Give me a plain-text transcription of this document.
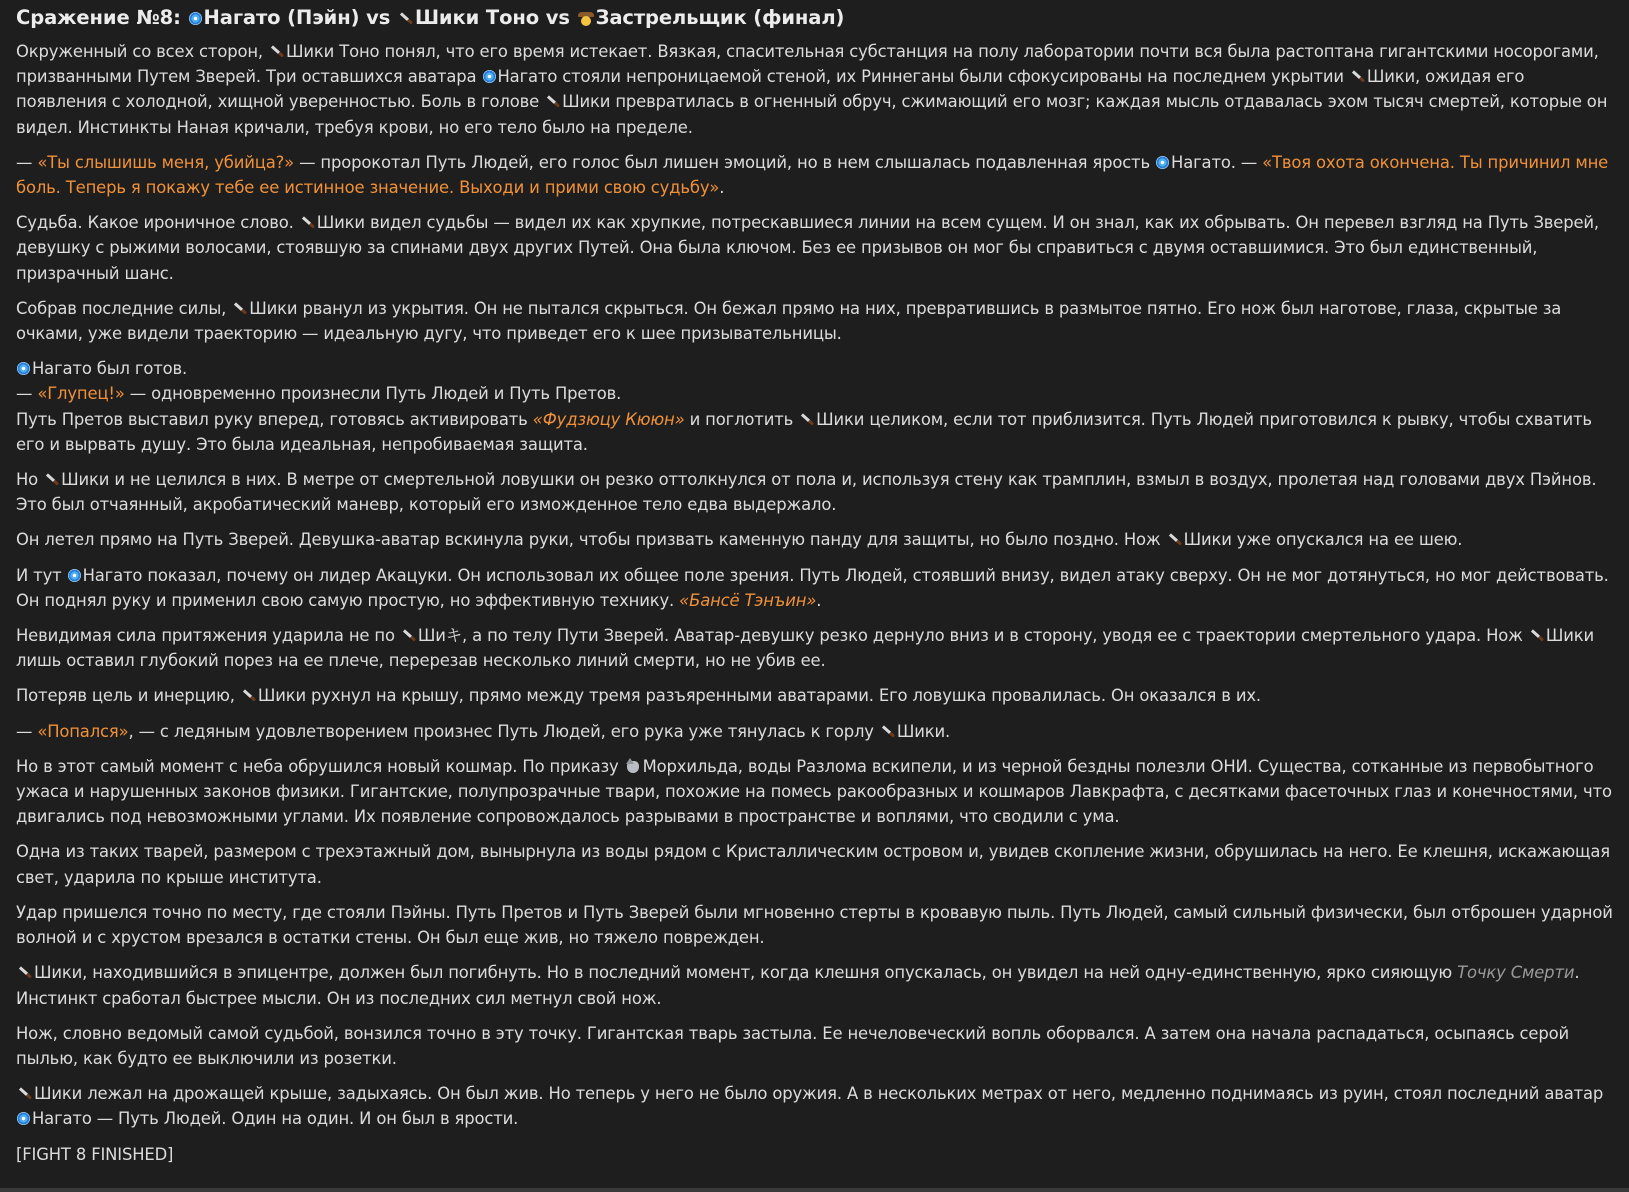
Сражение №8: Нагато (Пэйн) vs Шики Тоно vs Застрельщик (финал)

Окруженный со всех сторон, Шики Тоно понял, что его время истекает. Вязкая, спасительная субстанция на полу лаборатории почти вся была растоптана гигантскими носорогами, призванными Путем Зверей. Три оставшихся аватара Нагато стояли непроницаемой стеной, их Риннеганы были сфокусированы на последнем укрытии Шики, ожидая его появления с холодной, хищной уверенностью. Боль в голове Шики превратилась в огненный обруч, сжимающий его мозг; каждая мысль отдавалась эхом тысяч смертей, которые он видел. Инстинкты Наная кричали, требуя крови, но его тело было на пределе.

— «Ты слышишь меня, убийца?» — пророкотал Путь Людей, его голос был лишен эмоций, но в нем слышалась подавленная ярость Нагато. — «Твоя охота окончена. Ты причинил мне боль. Теперь я покажу тебе ее истинное значение. Выходи и прими свою судьбу».

Судьба. Какое ироничное слово. Шики видел судьбы — видел их как хрупкие, потрескавшиеся линии на всем сущем. И он знал, как их обрывать. Он перевел взгляд на Путь Зверей, девушку с рыжими волосами, стоявшую за спинами двух других Путей. Она была ключом. Без ее призывов он мог бы справиться с двумя оставшимися. Это был единственный, призрачный шанс.

Собрав последние силы, Шики рванул из укрытия. Он не пытался скрыться. Он бежал прямо на них, превратившись в размытое пятно. Его нож был наготове, глаза, скрытые за очками, уже видели траекторию — идеальную дугу, что приведет его к шее призывательницы.

Нагато был готов.

— «Глупец!» — одновременно произнесли Путь Людей и Путь Претов.

Путь Претов выставил руку вперед, готовясь активировать «Фудзюцу Кююн» и поглотить Шики целиком, если тот приблизится. Путь Людей приготовился к рывку, чтобы схватить его и вырвать душу. Это была идеальная, непробиваемая защита.

Но Шики и не целился в них. В метре от смертельной ловушки он резко оттолкнулся от пола и, используя стену как трамплин, взмыл в воздух, пролетая над головами двух Пэйнов. Это был отчаянный, акробатический маневр, который его изможденное тело едва выдержало.

Он летел прямо на Путь Зверей. Девушка-аватар вскинула руки, чтобы призвать каменную панду для защиты, но было поздно. Нож Шики уже опускался на ее шею.

И тут Нагато показал, почему он лидер Акацуки. Он использовал их общее поле зрения. Путь Людей, стоявший внизу, видел атаку сверху. Он не мог дотянуться, но мог действовать. Он поднял руку и применил свою самую простую, но эффективную технику. «Бансё Тэнъин».

Невидимая сила притяжения ударила не по Шиキ, а по телу Пути Зверей. Аватар-девушку резко дернуло вниз и в сторону, уводя ее с траектории смертельного удара. Нож Шики лишь оставил глубокий порез на ее плече, перерезав несколько линий смерти, но не убив ее.

Потеряв цель и инерцию, Шики рухнул на крышу, прямо между тремя разъяренными аватарами. Его ловушка провалилась. Он оказался в их.

— «Попался», — с ледяным удовлетворением произнес Путь Людей, его рука уже тянулась к горлу Шики.

Но в этот самый момент с неба обрушился новый кошмар. По приказу Морхильда, воды Разлома вскипели, и из черной бездны полезли ОНИ. Существа, сотканные из первобытного ужаса и нарушенных законов физики. Гигантские, полупрозрачные твари, похожие на помесь ракообразных и кошмаров Лавкрафта, с десятками фасеточных глаз и конечностями, что двигались под невозможными углами. Их появление сопровождалось разрывами в пространстве и воплями, что сводили с ума.

Одна из таких тварей, размером с трехэтажный дом, вынырнула из воды рядом с Кристаллическим островом и, увидев скопление жизни, обрушилась на него. Ее клешня, искажающая свет, ударила по крыше института.

Удар пришелся точно по месту, где стояли Пэйны. Путь Претов и Путь Зверей были мгновенно стерты в кровавую пыль. Путь Людей, самый сильный физически, был отброшен ударной волной и с хрустом врезался в остатки стены. Он был еще жив, но тяжело поврежден.

Шики, находившийся в эпицентре, должен был погибнуть. Но в последний момент, когда клешня опускалась, он увидел на ней одну-единственную, ярко сияющую Точку Смерти. Инстинкт сработал быстрее мысли. Он из последних сил метнул свой нож.

Нож, словно ведомый самой судьбой, вонзился точно в эту точку. Гигантская тварь застыла. Ее нечеловеческий вопль оборвался. А затем она начала распадаться, осыпаясь серой пылью, как будто ее выключили из розетки.

Шики лежал на дрожащей крыше, задыхаясь. Он был жив. Но теперь у него не было оружия. А в нескольких метрах от него, медленно поднимаясь из руин, стоял последний аватар Нагато — Путь Людей. Один на один. И он был в ярости.

[FIGHT 8 FINISHED]
